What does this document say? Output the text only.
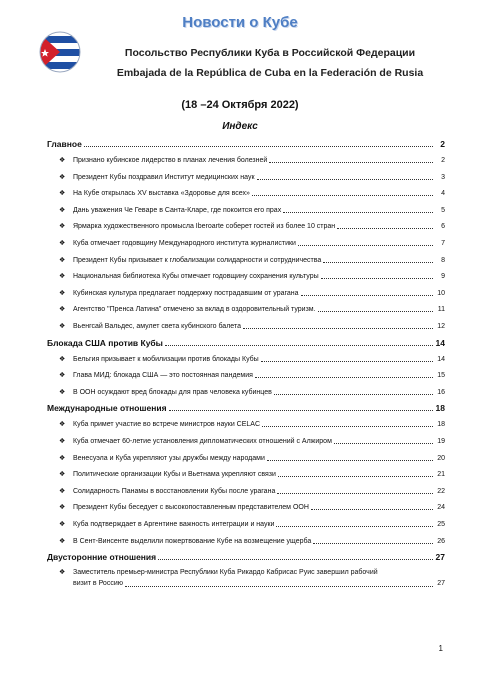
Новости о Кубе
Посольство Республики Куба в Российской Федерации
Embajada de la República de Cuba en la Federación de Rusia
(18 –24 Октября 2022)
Индекс
Главное	2
❖	Признано кубинское лидерство в планах лечения болезней	2
❖	Президент Кубы поздравил Институт медицинских наук	3
❖	На Кубе открылась XV выставка «Здоровье для всех»	4
❖	Дань уважения Че Геваре в Санта-Кларе, где покоится его прах	5
❖	Ярмарка художественного промысла Iberoarte соберет гостей из более 10 стран	6
❖	Куба отмечает годовщину Международного института журналистики	7
❖	Президент Кубы призывает к глобализации солидарности и сотрудничества	8
❖	Национальная библиотека Кубы отмечает годовщину сохранения культуры	9
❖	Кубинская культура предлагает поддержку пострадавшим от урагана	10
❖	Агентство "Пренса Латина" отмечено за вклад в оздоровительный туризм.	11
❖	Вьенгсай Вальдес, амулет света кубинского балета	12
Блокада США против Кубы	14
❖	Бельгия призывает к мобилизации против блокады Кубы	14
❖	Глава МИД: блокада США — это постоянная пандемия	15
❖	В ООН осуждают вред блокады для прав человека кубинцев	16
Международные отношения	18
❖	Куба примет участие во встрече министров науки CELAC	18
❖	Куба отмечает 60-летие установления дипломатических отношений с Алжиром	19
❖	Венесуэла и Куба укрепляют узы дружбы между народами	20
❖	Политические организации Кубы и Вьетнама укрепляют связи	21
❖	Солидарность Панамы в восстановлении Кубы после урагана	22
❖	Президент Кубы беседует с высокопоставленным представителем ООН	24
❖	Куба подтверждает в Аргентине важность интеграции и науки	25
❖	В Сент-Винсенте выделили пожертвование Кубе на возмещение ущерба	26
Двусторонние отношения	27
❖	Заместитель премьер-министра Республики Куба Рикардо Кабрисас Руис завершил рабочий
визит в Россию	27
1
